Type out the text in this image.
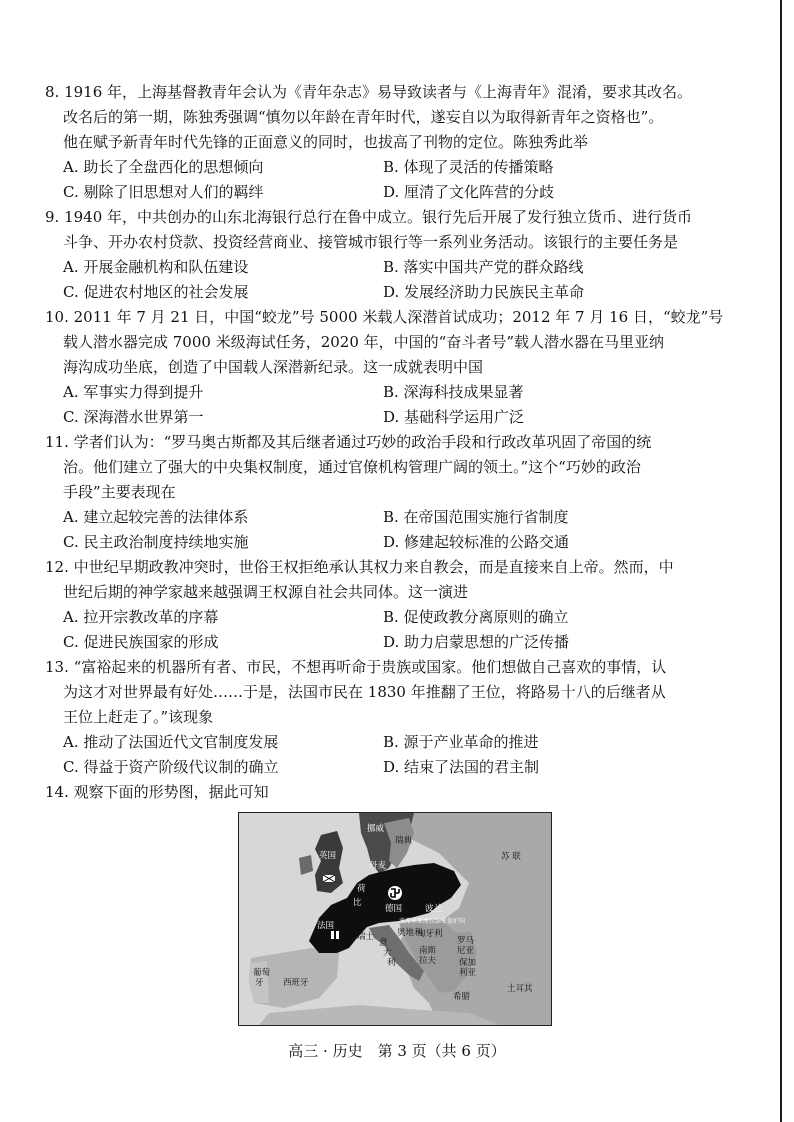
8. 1916 年，上海基督教青年会认为《青年杂志》易导致读者与《上海青年》混淆，要求其改名。
改名后的第一期，陈独秀强调“慎勿以年龄在青年时代，遂妄自以为取得新青年之资格也”。
他在赋予新青年时代先锋的正面意义的同时，也拔高了刊物的定位。陈独秀此举
A. 助长了全盘西化的思想倾向	B. 体现了灵活的传播策略
C. 剔除了旧思想对人们的羁绊	D. 厘清了文化阵营的分歧
9. 1940 年，中共创办的山东北海银行总行在鲁中成立。银行先后开展了发行独立货币、进行货币
斗争、开办农村贷款、投资经营商业、接管城市银行等一系列业务活动。该银行的主要任务是
A. 开展金融机构和队伍建设	B. 落实中国共产党的群众路线
C. 促进农村地区的社会发展	D. 发展经济助力民族民主革命
10. 2011 年 7 月 21 日，中国“蛟龙”号 5000 米载人深潜首试成功；2012 年 7 月 16 日，“蛟龙”号
载人潜水器完成 7000 米级海试任务，2020 年，中国的“奋斗者号”载人潜水器在马里亚纳
海沟成功坐底，创造了中国载人深潜新纪录。这一成就表明中国
A. 军事实力得到提升	B. 深海科技成果显著
C. 深海潜水世界第一	D. 基础科学运用广泛
11. 学者们认为：“罗马奥古斯都及其后继者通过巧妙的政治手段和行政改革巩固了帝国的统
治。他们建立了强大的中央集权制度，通过官僚机构管理广阔的领土。”这个“巧妙的政治
手段”主要表现在
A. 建立起较完善的法律体系	B. 在帝国范围实施行省制度
C. 民主政治制度持续地实施	D. 修建起较标准的公路交通
12. 中世纪早期政教冲突时，世俗王权拒绝承认其权力来自教会，而是直接来自上帝。然而，中
世纪后期的神学家越来越强调王权源自社会共同体。这一演进
A. 拉开宗教改革的序幕	B. 促使政教分离原则的确立
C. 促进民族国家的形成	D. 助力启蒙思想的广泛传播
13. “富裕起来的机器所有者、市民，不想再听命于贵族或国家。他们想做自己喜欢的事情，认
为这才对世界最有好处……于是，法国市民在 1830 年推翻了王位，将路易十八的后继者从
王位上赶走了。”该现象
A. 推动了法国近代文官制度发展	B. 源于产业革命的推进
C. 得益于资产阶级代议制的确立	D. 结束了法国的君主制
14. 观察下面的形势图，据此可知
挪威
瑞典
苏 联
英国
丹麦
荷
比
德国	波兰
法国	波希米亚摩拉维亚保护国
奥地利
瑞士	匈牙利
罗马
尼亚
意
大
利
南斯
拉夫	保加
利亚
葡萄
牙 西班牙
希腊
土耳其
高三 · 历史　第 3 页（共 6 页）
